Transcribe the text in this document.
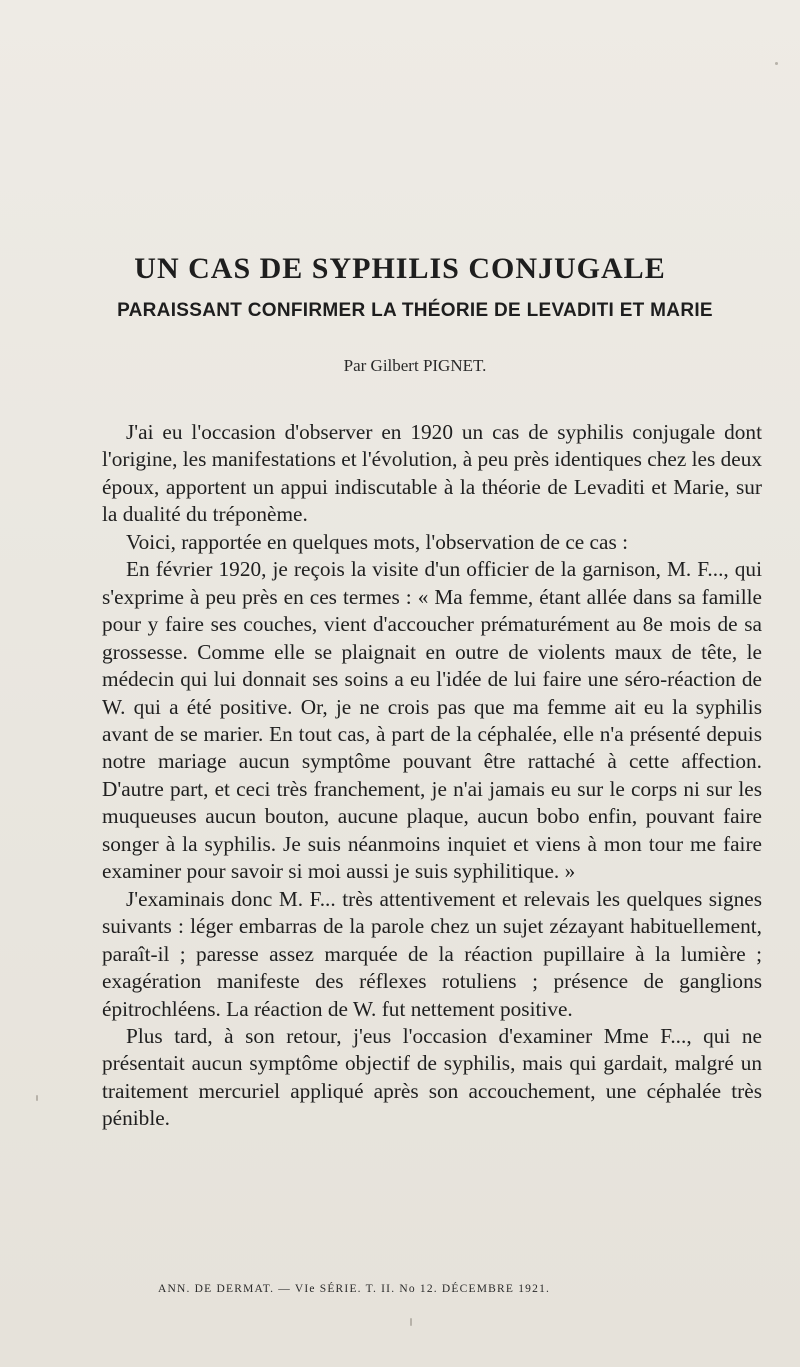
UN CAS DE SYPHILIS CONJUGALE
PARAISSANT CONFIRMER LA THÉORIE DE LEVADITI ET MARIE
Par Gilbert PIGNET.

J'ai eu l'occasion d'observer en 1920 un cas de syphilis conjugale dont l'origine, les manifestations et l'évolution, à peu près identiques chez les deux époux, apportent un appui indiscutable à la théorie de Levaditi et Marie, sur la dualité du tréponème.

Voici, rapportée en quelques mots, l'observation de ce cas :

En février 1920, je reçois la visite d'un officier de la garnison, M. F..., qui s'exprime à peu près en ces termes : « Ma femme, étant allée dans sa famille pour y faire ses couches, vient d'accoucher prématurément au 8e mois de sa grossesse. Comme elle se plaignait en outre de violents maux de tête, le médecin qui lui donnait ses soins a eu l'idée de lui faire une séro-réaction de W. qui a été positive. Or, je ne crois pas que ma femme ait eu la syphilis avant de se marier. En tout cas, à part de la céphalée, elle n'a présenté depuis notre mariage aucun symptôme pouvant être rattaché à cette affection. D'autre part, et ceci très franchement, je n'ai jamais eu sur le corps ni sur les muqueuses aucun bouton, aucune plaque, aucun bobo enfin, pouvant faire songer à la syphilis. Je suis néanmoins inquiet et viens à mon tour me faire examiner pour savoir si moi aussi je suis syphilitique. »

J'examinais donc M. F... très attentivement et relevais les quelques signes suivants : léger embarras de la parole chez un sujet zézayant habituellement, paraît-il ; paresse assez marquée de la réaction pupillaire à la lumière ; exagération manifeste des réflexes rotuliens ; présence de ganglions épitrochléens. La réaction de W. fut nettement positive.

Plus tard, à son retour, j'eus l'occasion d'examiner Mme F..., qui ne présentait aucun symptôme objectif de syphilis, mais qui gardait, malgré un traitement mercuriel appliqué après son accouchement, une céphalée très pénible.

ANN. DE DERMAT. — VIe SÉRIE. T. II. No 12. DÉCEMBRE 1921.
